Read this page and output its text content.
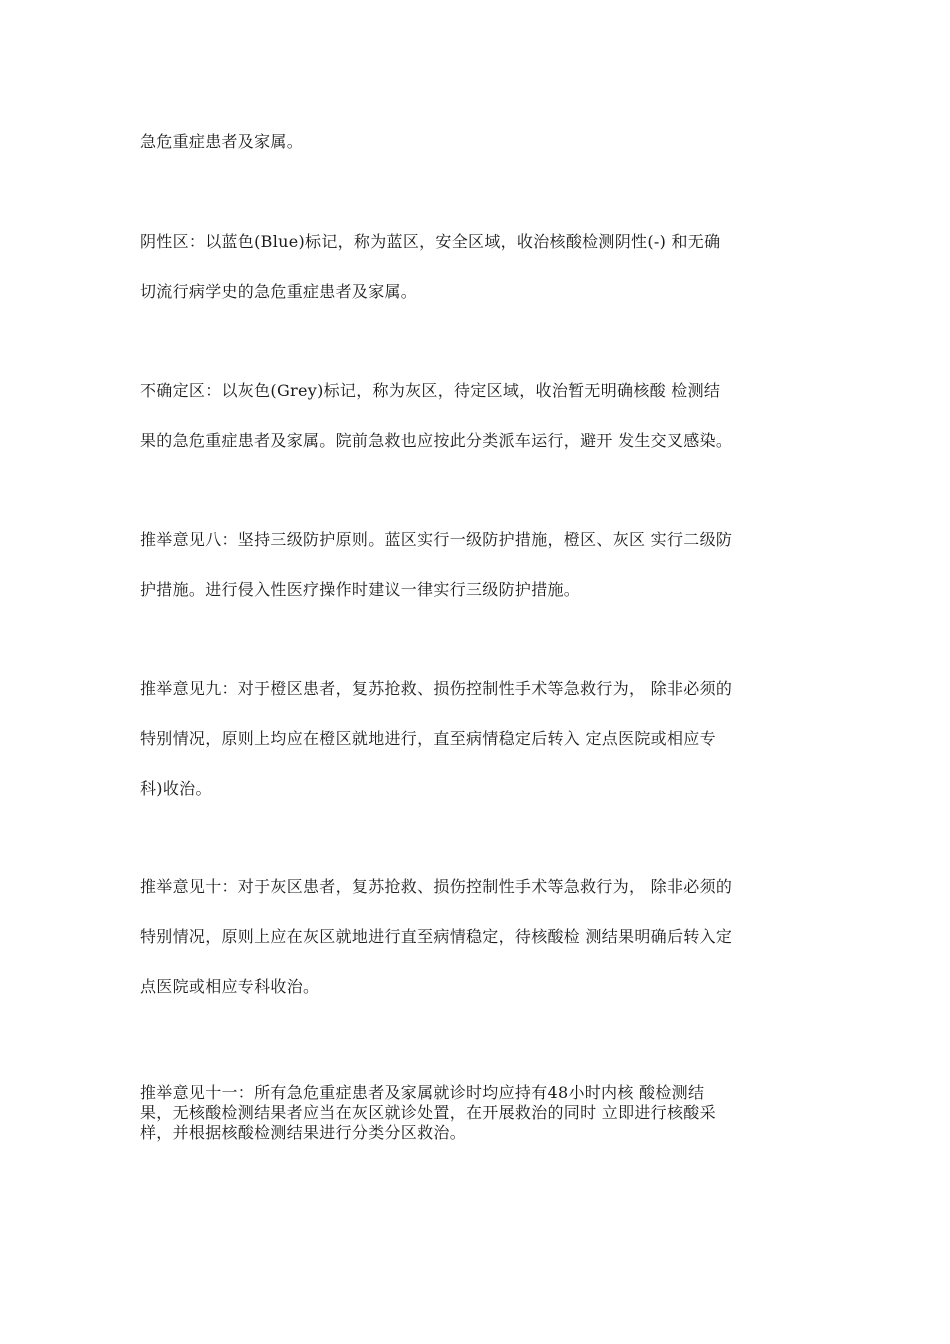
急危重症患者及家属。

阴性区：以蓝色(Blue)标记，称为蓝区，安全区域，收治核酸检测阴性(-) 和无确
切流行病学史的急危重症患者及家属。

不确定区：以灰色(Grey)标记，称为灰区，待定区域，收治暂无明确核酸 检测结
果的急危重症患者及家属。院前急救也应按此分类派车运行，避开 发生交叉感染。

推举意见八：坚持三级防护原则。蓝区实行一级防护措施，橙区、灰区 实行二级防
护措施。进行侵入性医疗操作时建议一律实行三级防护措施。

推举意见九：对于橙区患者，复苏抢救、损伤控制性手术等急救行为， 除非必须的
特别情况，原则上均应在橙区就地进行，直至病情稳定后转入 定点医院或相应专
科)收治。

推举意见十：对于灰区患者，复苏抢救、损伤控制性手术等急救行为， 除非必须的
特别情况，原则上应在灰区就地进行直至病情稳定，待核酸检 测结果明确后转入定
点医院或相应专科收治。

推举意见十一：所有急危重症患者及家属就诊时均应持有48小时内核 酸检测结
果，无核酸检测结果者应当在灰区就诊处置，在开展救治的同时 立即进行核酸采
样，并根据核酸检测结果进行分类分区救治。
